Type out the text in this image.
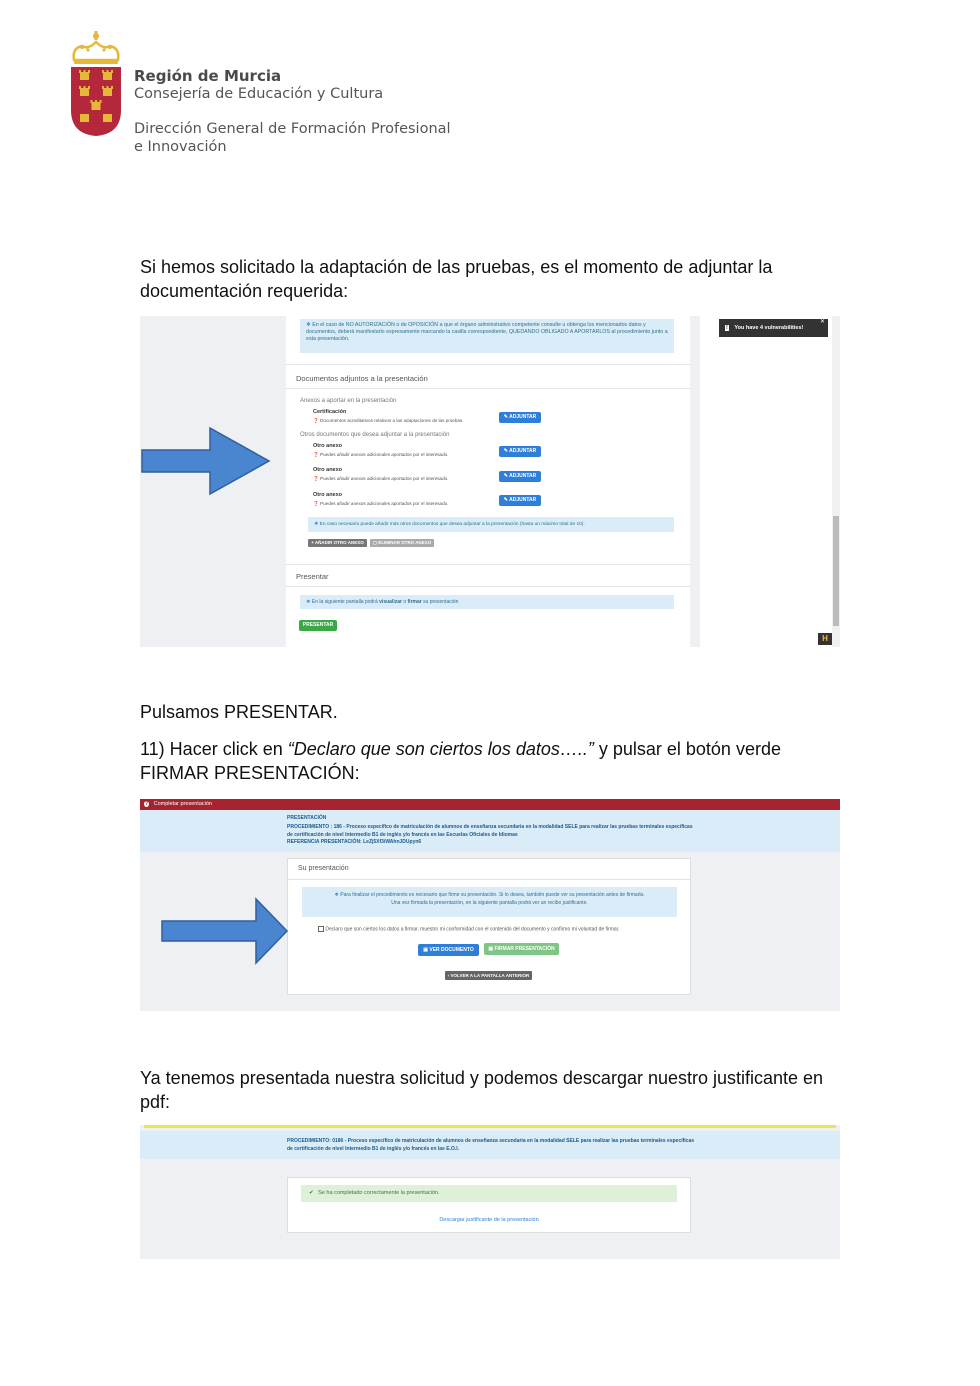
Región de Murcia
Consejería de Educación y Cultura
Dirección General de Formación Profesional
e Innovación
Si hemos solicitado la adaptación de las pruebas, es el momento de adjuntar la documentación requerida:
❖ En el caso de NO AUTORIZACIÓN o de OPOSICIÓN a que el órgano administrativo competente consulte u obtenga los mencionados datos y documentos, deberá manifestarlo expresamente marcando la casilla correspondiente, QUEDANDO OBLIGADO A APORTARLOS al procedimiento junto a esta presentación.
! You have 4 vulnerabilities!
✕
Documentos adjuntos a la presentación
Anexos a aportar en la presentación
Certificación
❓ Documentos acreditativos relativos a las adaptaciones de las pruebas.
✎ ADJUNTAR
Otros documentos que desea adjuntar a la presentación
Otro anexo
❓ Puedes añadir anexos adicionales aportados por el interesado.
✎ ADJUNTAR
Otro anexo
❓ Puedes añadir anexos adicionales aportados por el interesado.	✎ ADJUNTAR
Otro anexo
❓ Puedes añadir anexos adicionales aportados por el interesado.
✎ ADJUNTAR
❖ En caso necesario puede añadir más otros documentos que desea adjuntar a la presentación (hasta un máximo total de 10).
+ AÑADIR OTRO ANEXO	▢ ELIMINAR OTRO ANEXO
Presentar
❖ En la siguiente pantalla podrá visualizar o firmar su presentación
PRESENTAR
H
Pulsamos PRESENTAR.
11) Hacer click en “Declaro que son ciertos los datos…..” y pulsar el botón verde FIRMAR PRESENTACIÓN:
? Completar presentación
PRESENTACIÓN
PROCEDIMIENTO : 186 - Proceso específico de matriculación de alumnos de enseñanza secundaria en la modalidad SELE para realizar las pruebas terminales específicas de certificación de nivel Intermedio B1 de inglés y/o francés en las Escuelas Oficiales de Idiomas
REFERENCIA PRESENTACIÓN: LeZj5Xf3iWAhnJDUpyn6
Su presentación
❖ Para finalizar el procedimiento es necesario que firme su presentación. Si lo desea, también puede ver su presentación antes de firmarla.
Una vez firmada la presentación, en la siguiente pantalla podrá ver un recibo justificante.
Declaro que son ciertos los datos a firmar, muestro mi conformidad con el contenido del documento y confirmo mi voluntad de firmar.
▣ VER DOCUMENTO	▣ FIRMAR PRESENTACIÓN
‹ VOLVER A LA PANTALLA ANTERIOR
Ya tenemos presentada nuestra solicitud y podemos descargar nuestro justificante en pdf:
PROCEDIMIENTO: 0186 - Proceso específico de matriculación de alumnos de enseñanza secundaria en la modalidad SELE para realizar las pruebas terminales específicas de certificación de nivel Intermedio B1 de inglés y/o francés en las E.O.I.
✔ Se ha completado correctamente la presentación.
Descargar justificante de la presentación
